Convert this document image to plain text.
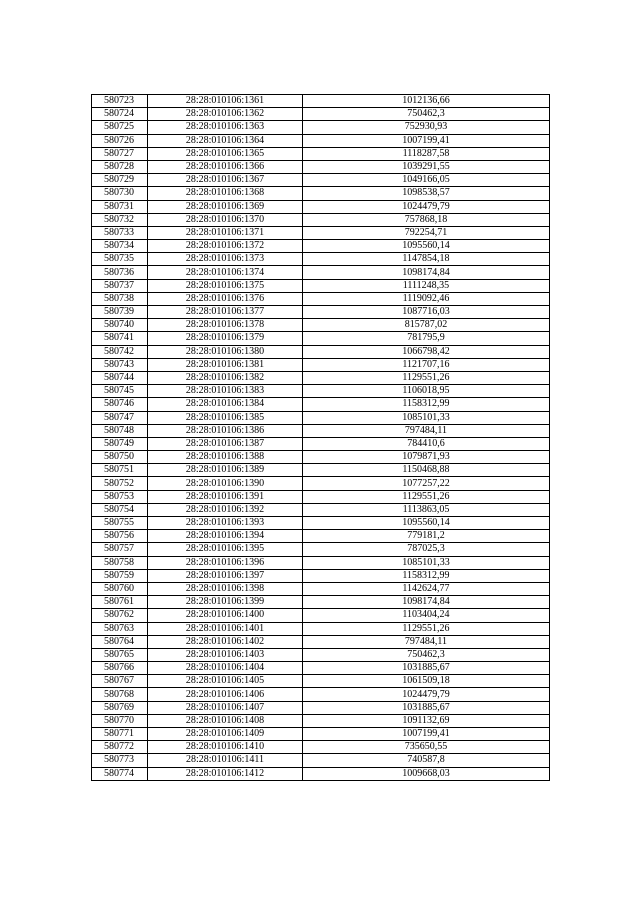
580723	28:28:010106:1361	1012136,66
580724	28:28:010106:1362	750462,3
580725	28:28:010106:1363	752930,93
580726	28:28:010106:1364	1007199,41
580727	28:28:010106:1365	1118287,58
580728	28:28:010106:1366	1039291,55
580729	28:28:010106:1367	1049166,05
580730	28:28:010106:1368	1098538,57
580731	28:28:010106:1369	1024479,79
580732	28:28:010106:1370	757868,18
580733	28:28:010106:1371	792254,71
580734	28:28:010106:1372	1095560,14
580735	28:28:010106:1373	1147854,18
580736	28:28:010106:1374	1098174,84
580737	28:28:010106:1375	1111248,35
580738	28:28:010106:1376	1119092,46
580739	28:28:010106:1377	1087716,03
580740	28:28:010106:1378	815787,02
580741	28:28:010106:1379	781795,9
580742	28:28:010106:1380	1066798,42
580743	28:28:010106:1381	1121707,16
580744	28:28:010106:1382	1129551,26
580745	28:28:010106:1383	1106018,95
580746	28:28:010106:1384	1158312,99
580747	28:28:010106:1385	1085101,33
580748	28:28:010106:1386	797484,11
580749	28:28:010106:1387	784410,6
580750	28:28:010106:1388	1079871,93
580751	28:28:010106:1389	1150468,88
580752	28:28:010106:1390	1077257,22
580753	28:28:010106:1391	1129551,26
580754	28:28:010106:1392	1113863,05
580755	28:28:010106:1393	1095560,14
580756	28:28:010106:1394	779181,2
580757	28:28:010106:1395	787025,3
580758	28:28:010106:1396	1085101,33
580759	28:28:010106:1397	1158312,99
580760	28:28:010106:1398	1142624,77
580761	28:28:010106:1399	1098174,84
580762	28:28:010106:1400	1103404,24
580763	28:28:010106:1401	1129551,26
580764	28:28:010106:1402	797484,11
580765	28:28:010106:1403	750462,3
580766	28:28:010106:1404	1031885,67
580767	28:28:010106:1405	1061509,18
580768	28:28:010106:1406	1024479,79
580769	28:28:010106:1407	1031885,67
580770	28:28:010106:1408	1091132,69
580771	28:28:010106:1409	1007199,41
580772	28:28:010106:1410	735650,55
580773	28:28:010106:1411	740587,8
580774	28:28:010106:1412	1009668,03
